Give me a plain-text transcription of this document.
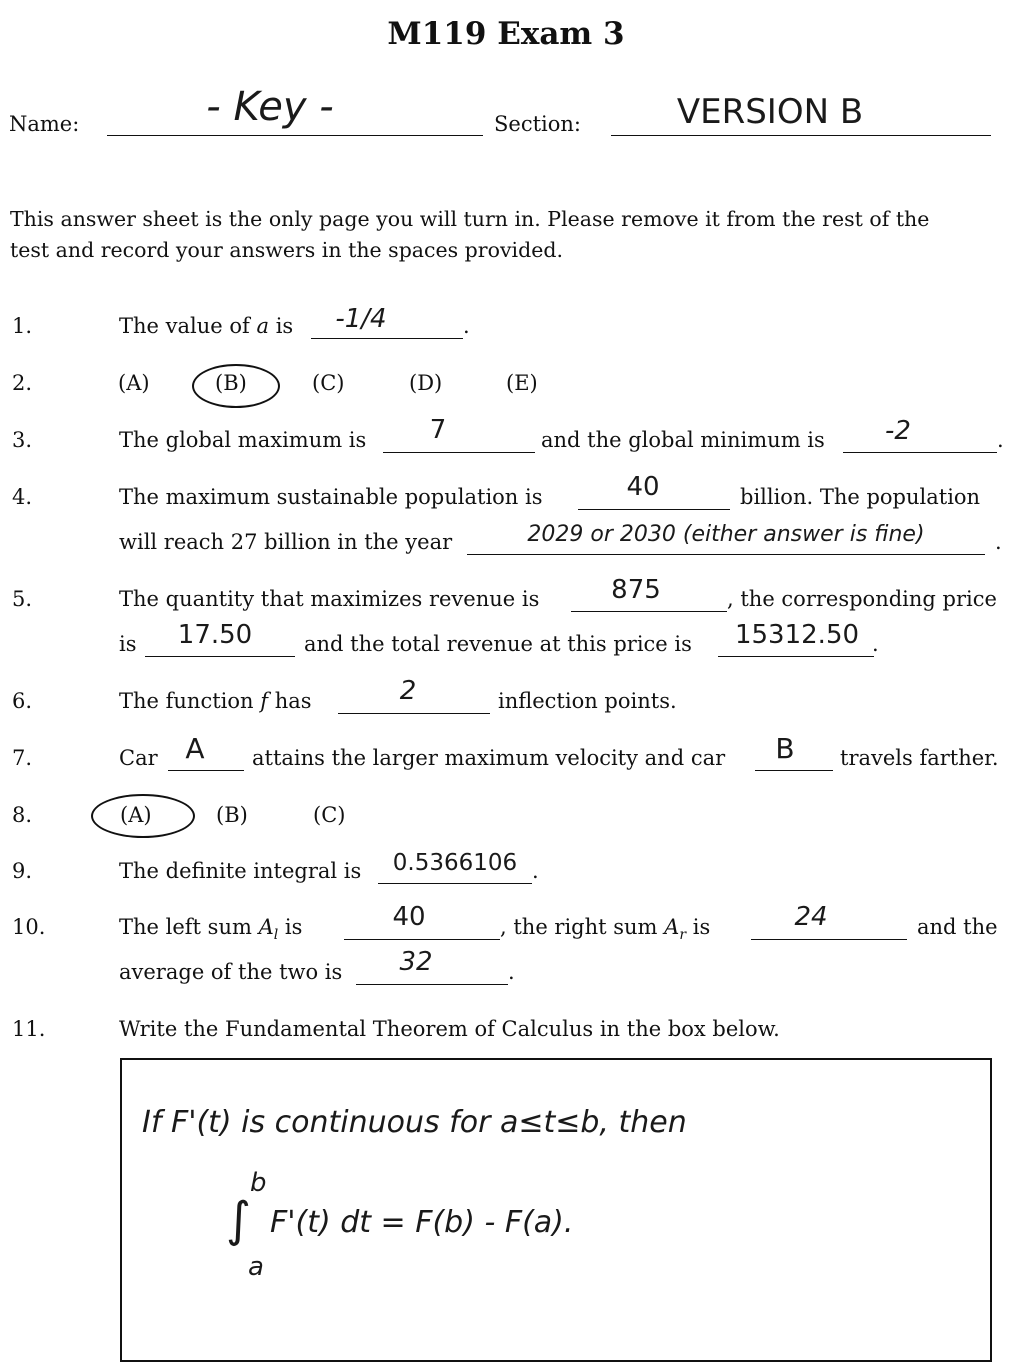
M119 Exam 3
Name:	- Key -	Section:	VERSION B
This answer sheet is the only page you will turn in. Please remove it from the rest of the
test and record your answers in the spaces provided.
1.	The value of a is	-1/4	.
2.	(A)	(B)	(C)	(D)	(E)
3.	The global maximum is	7	and the global minimum is	-2	.
4.	The maximum sustainable population is	40	billion. The population
will reach 27 billion in the year	2029 or 2030 (either answer is fine)	.
5.	The quantity that maximizes revenue is	875	, the corresponding price
is	17.50	and the total revenue at this price is	15312.50 .
6.	The function f has	2	inflection points.
7.	Car A	attains the larger maximum velocity and car	B	travels farther.
8.	(A)	(B)	(C)
9.	The definite integral is	0.5366106 .
10.	The left sum $A_l$ is	40	, the right sum $A_r$ is	24	and the
average of the two is	32	.
11.	Write the Fundamental Theorem of Calculus in the box below.
If F'(t) is continuous for a≤t≤b, then
b
∫ F'(t) dt = F(b) - F(a).
a
